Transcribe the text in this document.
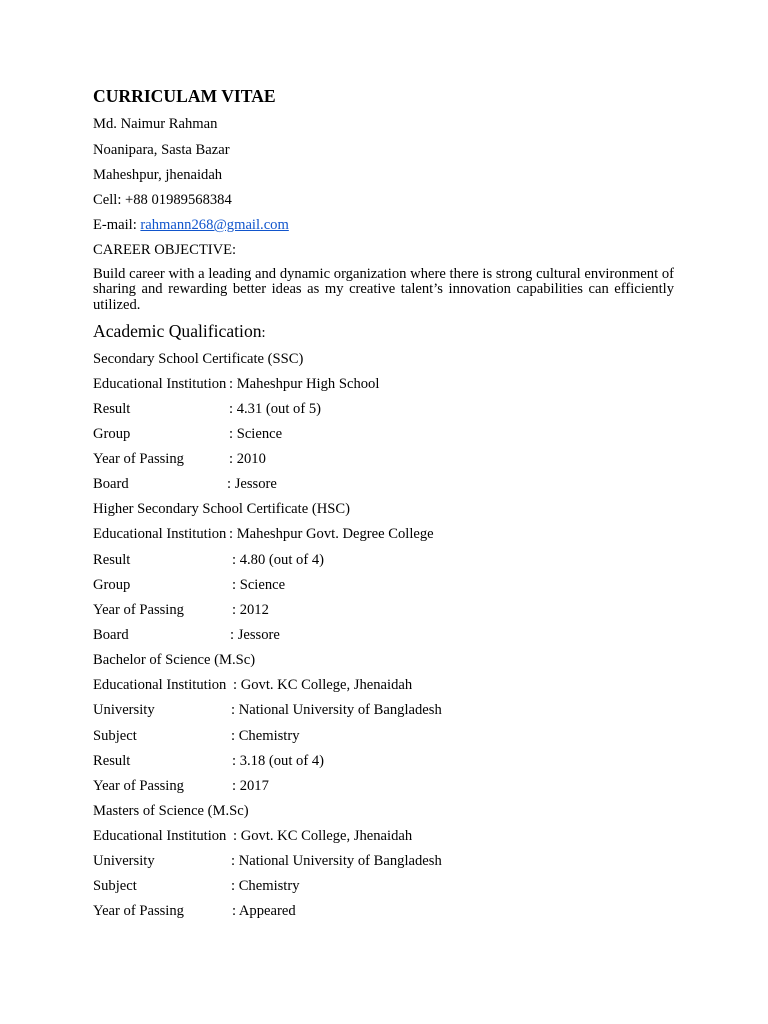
CURRICULAM VITAE
Md. Naimur Rahman
Noanipara, Sasta Bazar
Maheshpur, jhenaidah
Cell: +88 01989568384
E-mail: rahmann268@gmail.com
CAREER OBJECTIVE:
Build career with a leading and dynamic organization where there is strong cultural environment of sharing and rewarding better ideas as my creative talent’s innovation capabilities can efficiently utilized.
Academic Qualification:
Secondary School Certificate (SSC)
Educational Institution : Maheshpur High School
Result	: 4.31 (out of 5)
Group	: Science
Year of Passing	: 2010
Board	: Jessore
Higher Secondary School Certificate (HSC)
Educational Institution : Maheshpur Govt. Degree College
Result	: 4.80 (out of 4)
Group	: Science
Year of Passing	: 2012
Board	: Jessore
Bachelor of Science (M.Sc)
Educational Institution : Govt. KC College, Jhenaidah
University	: National University of Bangladesh
Subject	: Chemistry
Result	: 3.18 (out of 4)
Year of Passing	: 2017
Masters of Science (M.Sc)
Educational Institution : Govt. KC College, Jhenaidah
University	: National University of Bangladesh
Subject	: Chemistry
Year of Passing	: Appeared
